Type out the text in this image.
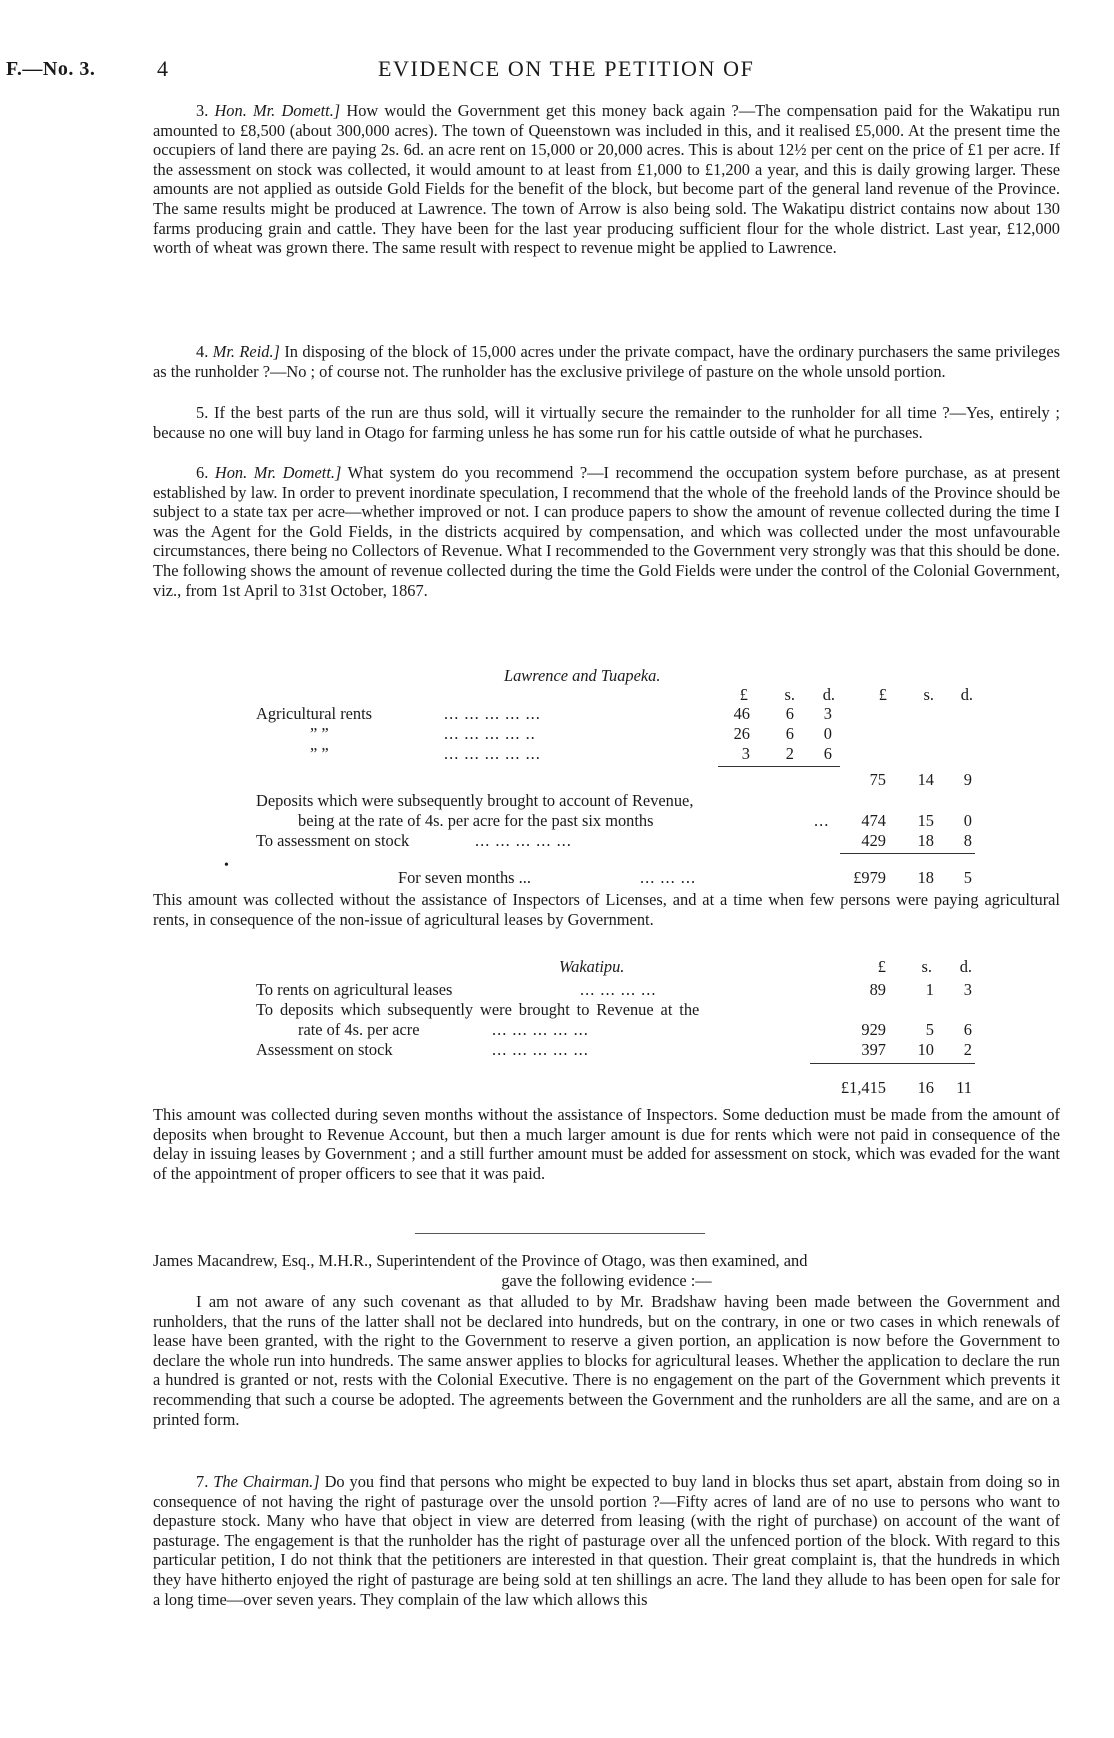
F.—No. 3.	4	EVIDENCE ON THE PETITION OF

3. Hon. Mr. Domett.] How would the Government get this money back again ?—The compensation paid for the Wakatipu run amounted to £8,500 (about 300,000 acres). The town of Queenstown was included in this, and it realised £5,000. At the present time the occupiers of land there are paying 2s. 6d. an acre rent on 15,000 or 20,000 acres. This is about 12½ per cent on the price of £1 per acre. If the assessment on stock was collected, it would amount to at least from £1,000 to £1,200 a year, and this is daily growing larger. These amounts are not applied as outside Gold Fields for the benefit of the block, but become part of the general land revenue of the Province. The same results might be produced at Lawrence. The town of Arrow is also being sold. The Wakatipu district contains now about 130 farms producing grain and cattle. They have been for the last year producing sufficient flour for the whole district. Last year, £12,000 worth of wheat was grown there. The same result with respect to revenue might be applied to Lawrence.

4. Mr. Reid.] In disposing of the block of 15,000 acres under the private compact, have the ordinary purchasers the same privileges as the runholder ?—No ; of course not. The runholder has the exclusive privilege of pasture on the whole unsold portion.

5. If the best parts of the run are thus sold, will it virtually secure the remainder to the runholder for all time ?—Yes, entirely ; because no one will buy land in Otago for farming unless he has some run for his cattle outside of what he purchases.

6. Hon. Mr. Domett.] What system do you recommend ?—I recommend the occupation system before purchase, as at present established by law. In order to prevent inordinate speculation, I recommend that the whole of the freehold lands of the Province should be subject to a state tax per acre—whether improved or not. I can produce papers to show the amount of revenue collected during the time I was the Agent for the Gold Fields, in the districts acquired by compensation, and which was collected under the most unfavourable circumstances, there being no Collectors of Revenue. What I recommended to the Government very strongly was that this should be done. The following shows the amount of revenue collected during the time the Gold Fields were under the control of the Colonial Government, viz., from 1st April to 31st October, 1867.

Lawrence and Tuapeka.
£	s.	d.	£	s.	d.
Agricultural rents	... ... ... ... ...	46	6	3
” ”	... ... ... ... ..	26	6	0
” ”	... ... ... ... ...	3	2	6
75	14	9
Deposits which were subsequently brought to account of Revenue,
being at the rate of 4s. per acre for the past six months	...	474	15	0
To assessment on stock	... ... ... ... ...	429	18	8
•
For seven months ...	... ... ...	£979	18	5

This amount was collected without the assistance of Inspectors of Licenses, and at a time when few persons were paying agricultural rents, in consequence of the non-issue of agricultural leases by Government.

Wakatipu.	£	s.	d.
To rents on agricultural leases	... ... ... ...	89	1	3
To deposits which subsequently were brought to Revenue at the
rate of 4s. per acre	... ... ... ... ...	929	5	6
Assessment on stock	... ... ... ... ...	397	10	2
£1,415	16	11

This amount was collected during seven months without the assistance of Inspectors. Some deduction must be made from the amount of deposits when brought to Revenue Account, but then a much larger amount is due for rents which were not paid in consequence of the delay in issuing leases by Government ; and a still further amount must be added for assessment on stock, which was evaded for the want of the appointment of proper officers to see that it was paid.

James Macandrew, Esq., M.H.R., Superintendent of the Province of Otago, was then examined, and

gave the following evidence :—

I am not aware of any such covenant as that alluded to by Mr. Bradshaw having been made between the Government and runholders, that the runs of the latter shall not be declared into hundreds, but on the contrary, in one or two cases in which renewals of lease have been granted, with the right to the Government to reserve a given portion, an application is now before the Government to declare the whole run into hundreds. The same answer applies to blocks for agricultural leases. Whether the application to declare the run a hundred is granted or not, rests with the Colonial Executive. There is no engagement on the part of the Government which prevents it recommending that such a course be adopted. The agreements between the Government and the runholders are all the same, and are on a printed form.

7. The Chairman.] Do you find that persons who might be expected to buy land in blocks thus set apart, abstain from doing so in consequence of not having the right of pasturage over the unsold portion ?—Fifty acres of land are of no use to persons who want to depasture stock. Many who have that object in view are deterred from leasing (with the right of purchase) on account of the want of pasturage. The engagement is that the runholder has the right of pasturage over all the unfenced portion of the block. With regard to this particular petition, I do not think that the petitioners are interested in that question. Their great complaint is, that the hundreds in which they have hitherto enjoyed the right of pasturage are being sold at ten shillings an acre. The land they allude to has been open for sale for a long time—over seven years. They complain of the law which allows this
